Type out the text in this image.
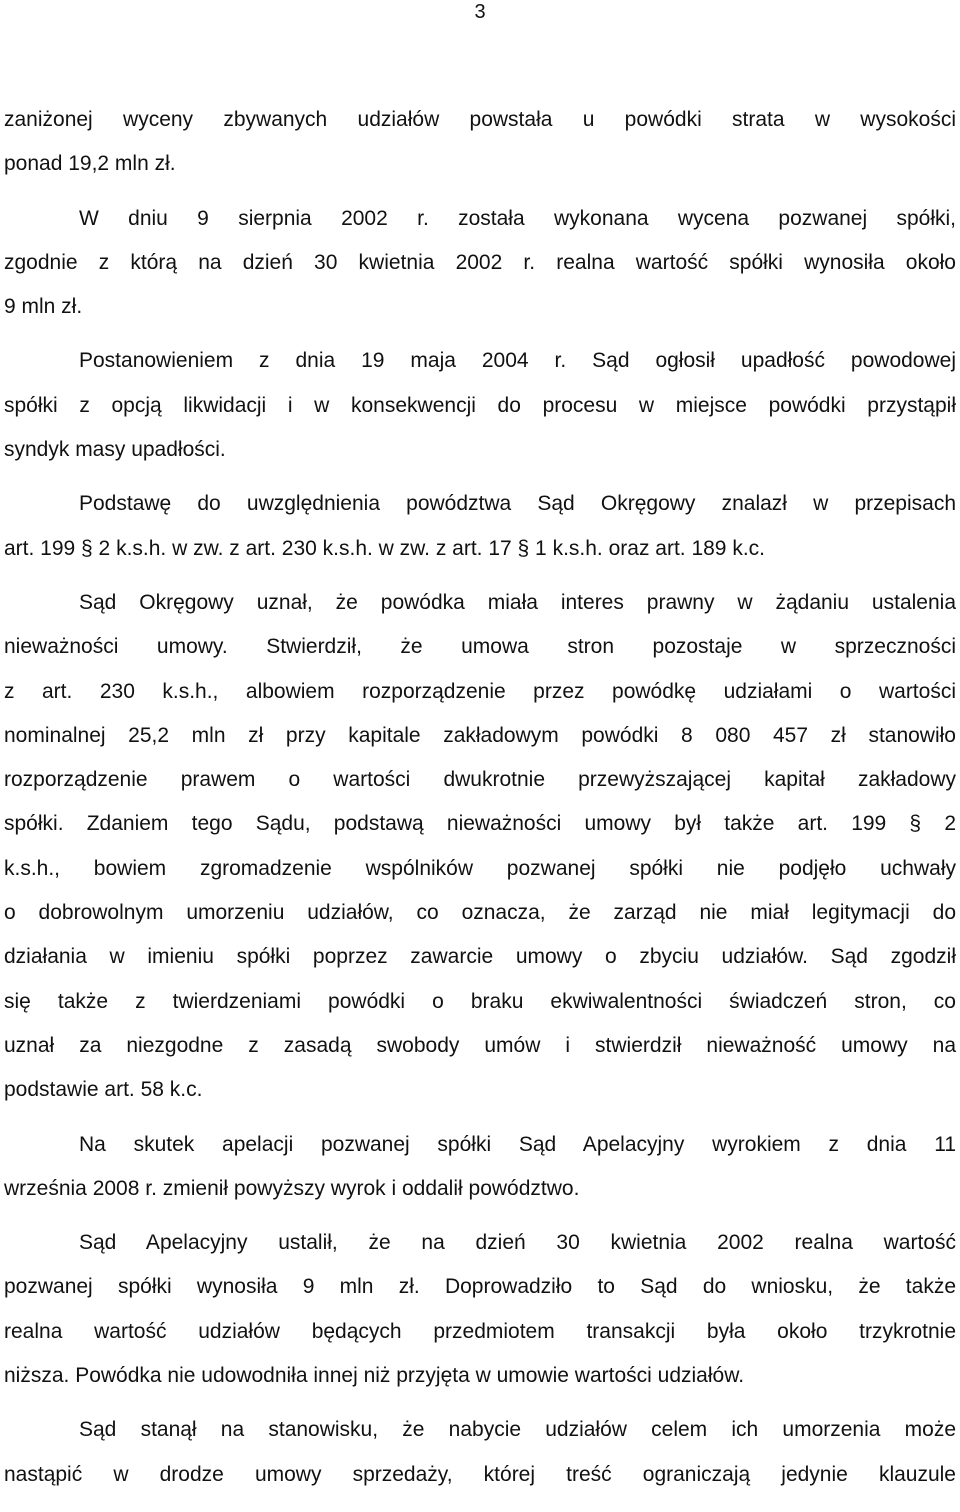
3
zaniżonej wyceny zbywanych udziałów powstała u powódki strata w wysokości
ponad 19,2 mln zł.
W dniu 9 sierpnia 2002 r. została wykonana wycena pozwanej spółki,
zgodnie z którą na dzień 30 kwietnia 2002 r. realna wartość spółki wynosiła około
9 mln zł.
Postanowieniem z dnia 19 maja 2004 r. Sąd ogłosił upadłość powodowej
spółki z opcją likwidacji i w konsekwencji do procesu w miejsce powódki przystąpił
syndyk masy upadłości.
Podstawę do uwzględnienia powództwa Sąd Okręgowy znalazł w przepisach
art. 199 § 2 k.s.h. w zw. z art. 230 k.s.h. w zw. z art. 17 § 1 k.s.h. oraz art. 189 k.c.
Sąd Okręgowy uznał, że powódka miała interes prawny w żądaniu ustalenia
nieważności umowy. Stwierdził, że umowa stron pozostaje w sprzeczności
z art. 230 k.s.h., albowiem rozporządzenie przez powódkę udziałami o wartości
nominalnej 25,2 mln zł przy kapitale zakładowym powódki 8 080 457 zł stanowiło
rozporządzenie prawem o wartości dwukrotnie przewyższającej kapitał zakładowy
spółki. Zdaniem tego Sądu, podstawą nieważności umowy był także art. 199 § 2
k.s.h., bowiem zgromadzenie wspólników pozwanej spółki nie podjęło uchwały
o dobrowolnym umorzeniu udziałów, co oznacza, że zarząd nie miał legitymacji do
działania w imieniu spółki poprzez zawarcie umowy o zbyciu udziałów. Sąd zgodził
się także z twierdzeniami powódki o braku ekwiwalentności świadczeń stron, co
uznał za niezgodne z zasadą swobody umów i stwierdził nieważność umowy na
podstawie art. 58 k.c.
Na skutek apelacji pozwanej spółki Sąd Apelacyjny wyrokiem z dnia 11
września 2008 r. zmienił powyższy wyrok i oddalił powództwo.
Sąd Apelacyjny ustalił, że na dzień 30 kwietnia 2002 realna wartość
pozwanej spółki wynosiła 9 mln zł. Doprowadziło to Sąd do wniosku, że także
realna wartość udziałów będących przedmiotem transakcji była około trzykrotnie
niższa. Powódka nie udowodniła innej niż przyjęta w umowie wartości udziałów.
Sąd stanął na stanowisku, że nabycie udziałów celem ich umorzenia może
nastąpić w drodze umowy sprzedaży, której treść ograniczają jedynie klauzule
